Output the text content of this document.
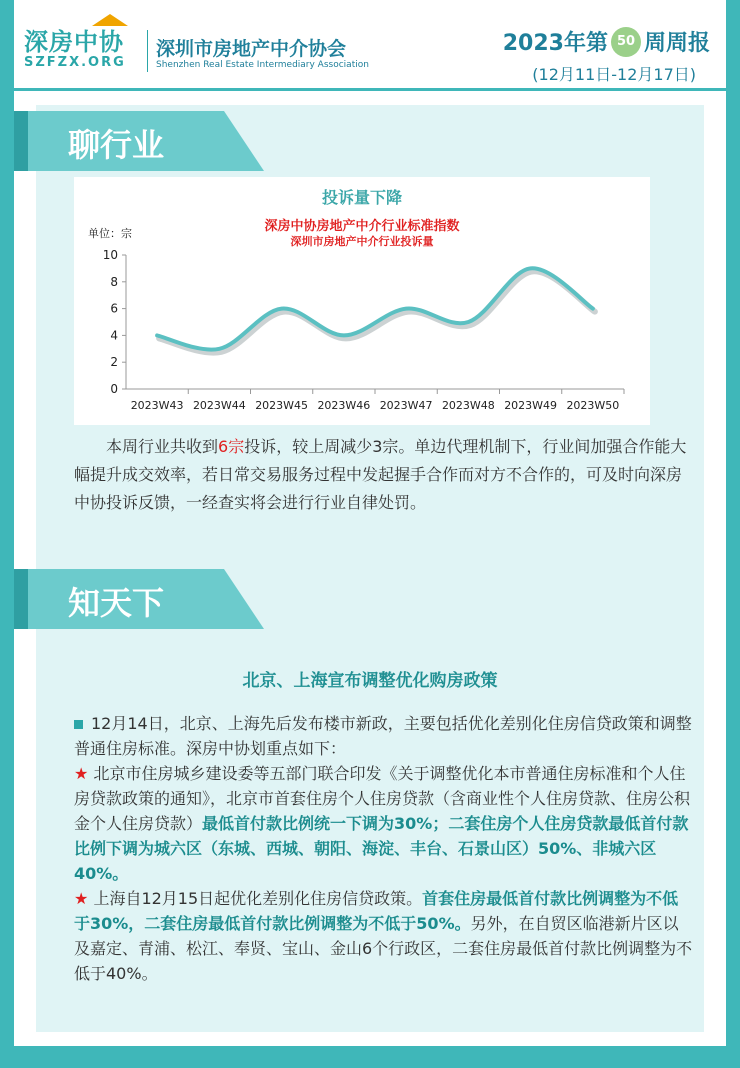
深房中协
SZFZX.ORG
深圳市房地产中介协会
Shenzhen Real Estate Intermediary Association
2023年第 50 周周报
(12月11日-12月17日)
聊行业
投诉量下降
深房中协房地产中介行业标准指数
深圳市房地产中介行业投诉量
单位：宗
0
2
4
6
8
10
2023W43 2023W44 2023W45 2023W46 2023W47 2023W48 2023W49 2023W50

本周行业共收到6宗投诉，较上周减少3宗。单边代理机制下，行业间加强合作能大幅提升成交效率，若日常交易服务过程中发起握手合作而对方不合作的，可及时向深房中协投诉反馈，一经查实将会进行行业自律处罚。

知天下
北京、上海宣布调整优化购房政策

12月14日，北京、上海先后发布楼市新政，主要包括优化差别化住房信贷政策和调整普通住房标准。深房中协划重点如下：

★ 北京市住房城乡建设委等五部门联合印发《关于调整优化本市普通住房标准和个人住房贷款政策的通知》，北京市首套住房个人住房贷款（含商业性个人住房贷款、住房公积金个人住房贷款）最低首付款比例统一下调为30%；二套住房个人住房贷款最低首付款比例下调为城六区（东城、西城、朝阳、海淀、丰台、石景山区）50%、非城六区40%。

★ 上海自12月15日起优化差别化住房信贷政策。首套住房最低首付款比例调整为不低于30%，二套住房最低首付款比例调整为不低于50%。另外，在自贸区临港新片区以及嘉定、青浦、松江、奉贤、宝山、金山6个行政区，二套住房最低首付款比例调整为不低于40%。
